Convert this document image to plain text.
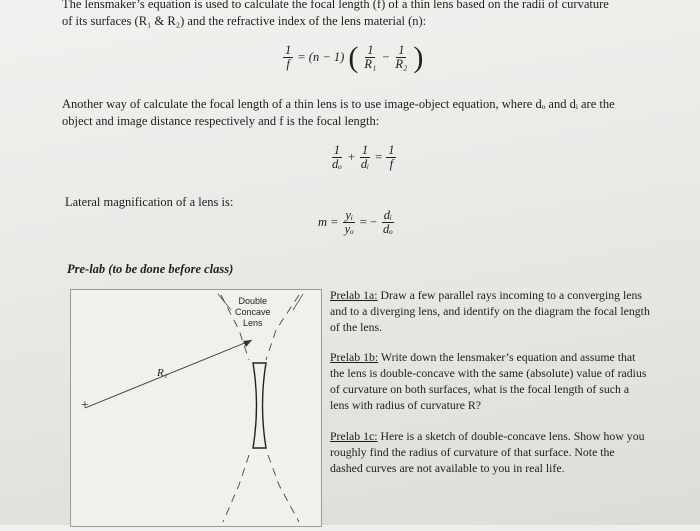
The lensmaker’s equation is used to calculate the focal length (f) of a thin lens based on the radii of curvature
of its surfaces (R₁ & R₂) and the refractive index of the lens material (n):
$\frac{1}{f} = (n - 1)$ ( $\frac{1}{\text{R₁}} - \frac{1}{\text{R₂}}$ )
Another way of calculate the focal length of a thin lens is to use image-object equation, where dₒ and dᵢ are the
object and image distance respectively and f is the focal length:
$\frac{1}{\text{dₒ}} + \frac{1}{\text{dᵢ}} = \frac{1}{f}$
Lateral magnification of a lens is:
$m = \frac{\text{yᵢ}}{\text{yₒ}}$ = − $\frac{\text{dᵢ}}{\text{dₒ}}$
Pre-lab (to be done before class)
Double
Concave
Lens
R₁
+
Prelab 1a: Draw a few parallel rays incoming to a converging lens and to a diverging lens, and identify on the diagram the focal length of the lens.
Prelab 1b: Write down the lensmaker’s equation and assume that the lens is double-concave with the same (absolute) value of radius of curvature on both surfaces, what is the focal length of such a lens with radius of curvature R?
Prelab 1c: Here is a sketch of double-concave lens. Show how you roughly find the radius of curvature of that surface. Note the dashed curves are not available to you in real life.
